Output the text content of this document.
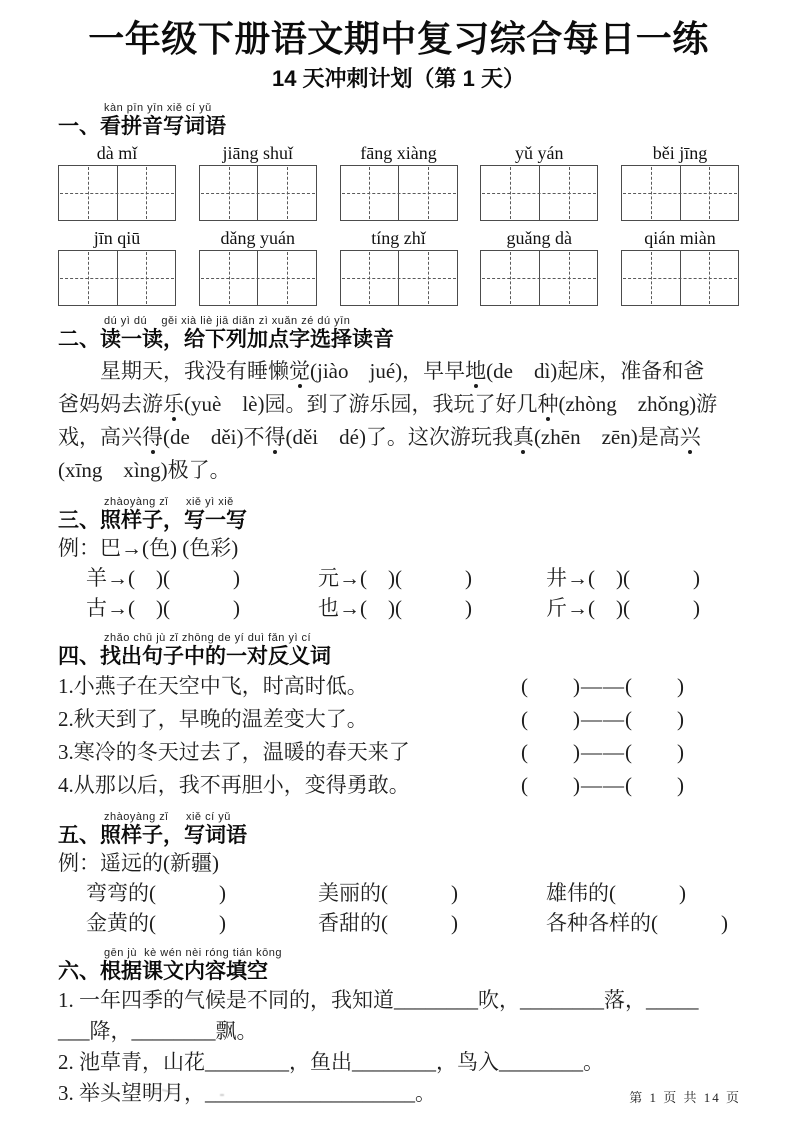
一年级下册语文期中复习综合每日一练
14 天冲刺计划（第 1 天）
kàn pīn yīn xiě cí yǔ
一、看拼音写词语
dà mǐ	jiāng shuǐ	fāng xiàng	yǔ yán	běi jīng
jīn qiū	dǎng yuán	tíng zhǐ	guǎng dà	qián miàn
dú yì dú    gěi xià liè jiā diǎn zì xuǎn zé dú yīn
二、读一读，给下列加点字选择读音
星期天，我没有睡懒觉(jiào　jué)，早早地(de　dì)起床，准备和爸
爸妈妈去游乐(yuè　lè)园。到了游乐园，我玩了好几种(zhòng　zhǒng)游
戏，高兴得(de　děi)不得(děi　dé)了。这次游玩我真(zhēn　zēn)是高兴
(xīng　xìng)极了。
zhàoyàng zǐ     xiě yì xiě
三、照样子，写一写
例：巴→(色) (色彩)
羊→(　)(　　　)	元→(　)(　　　)	井→(　)(　　　)
古→(　)(　　　)	也→(　)(　　　)	斤→(　)(　　　)
zhǎo chū jù zǐ zhōng de yí duì fǎn yì cí
四、找出句子中的一对反义词
1.小燕子在天空中飞，时高时低。	(　　)——(　　)
2.秋天到了，早晚的温差变大了。	(　　)——(　　)
3.寒冷的冬天过去了，温暖的春天来了	(　　)——(　　)
4.从那以后，我不再胆小，变得勇敢。	(　　)——(　　)
zhàoyàng zǐ     xiě cí yǔ
五、照样子，写词语
例：遥远的(新疆)
弯弯的(　　　)	美丽的(　　　)	雄伟的(　　　)
金黄的(　　　)	香甜的(　　　)	各种各样的(　　　)
gēn jù  kè wén nèi róng tián kōng
六、根据课文内容填空
1. 一年四季的气候是不同的，我知道________吹，________落，_____
___降，________飘。
2. 池草青，山花________，鱼出________，鸟入________。
3. 举头望明月，____________________。	第 1 页 共 14 页
